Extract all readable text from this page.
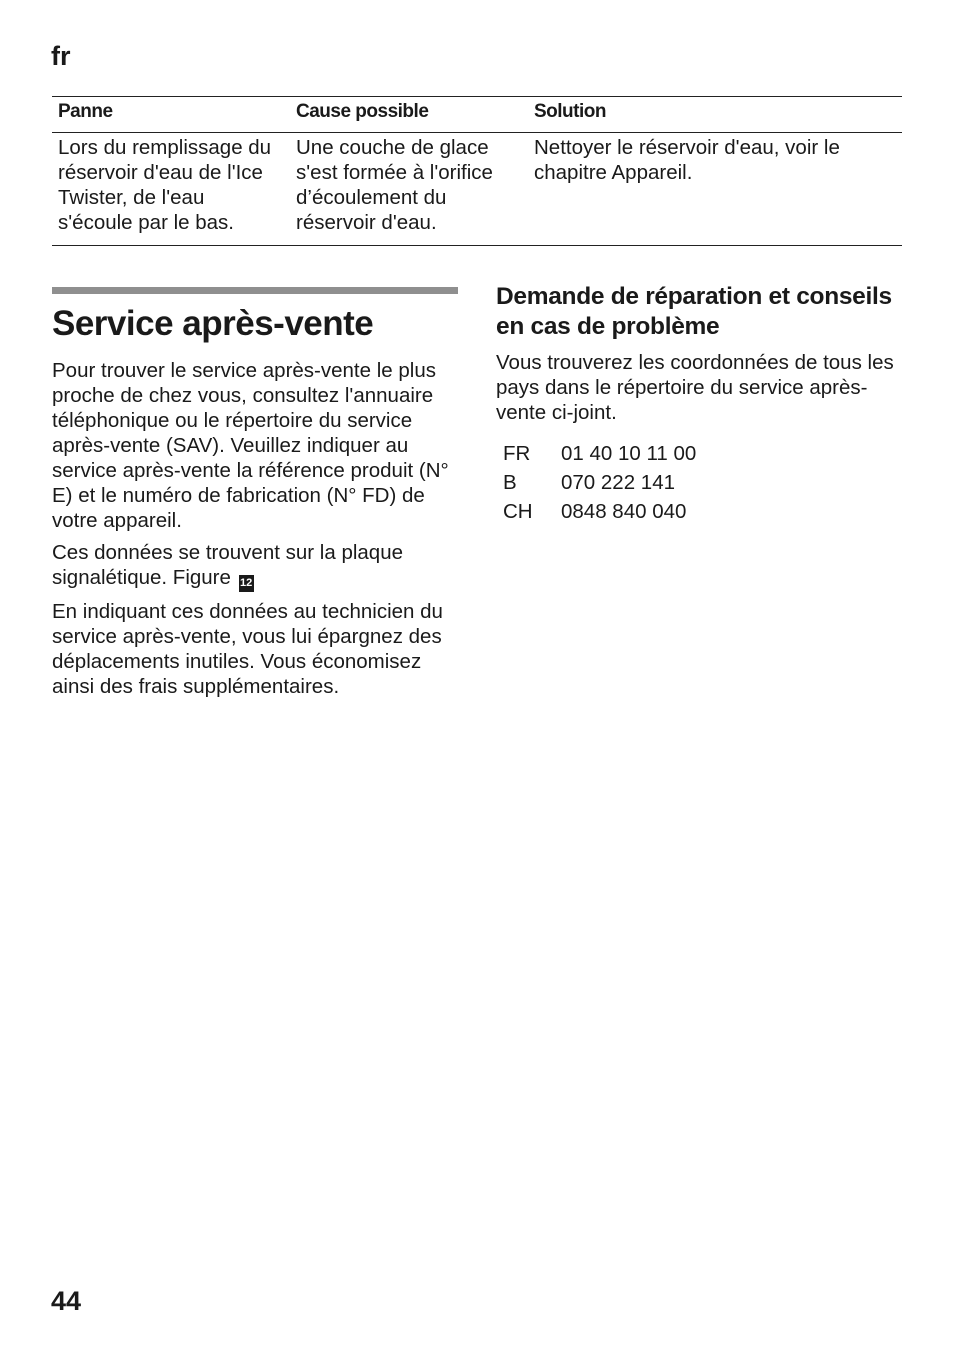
fr
Panne	Cause possible	Solution
Lors du remplissage du réservoir d'eau de l'Ice Twister, de l'eau s'écoule par le bas.	Une couche de glace s'est formée à l'orifice d’écoulement du réservoir d'eau.	Nettoyer le réservoir d'eau, voir le chapitre Appareil.
Service après-vente

Pour trouver le service après-vente le plus proche de chez vous, consultez l'annuaire téléphonique ou le répertoire du service après-vente (SAV). Veuillez indiquer au service après-vente la référence produit (N° E) et le numéro de fabrication (N° FD) de votre appareil.

Ces données se trouvent sur la plaque signalétique. Figure 12

En indiquant ces données au technicien du service après-vente, vous lui épargnez des déplacements inutiles. Vous économisez ainsi des frais supplémentaires.

Demande de réparation et conseils en cas de problème

Vous trouverez les coordonnées de tous les pays dans le répertoire du service après-vente ci-joint.

FR	01 40 10 11 00
B	070 222 141
CH	0848 840 040
44
